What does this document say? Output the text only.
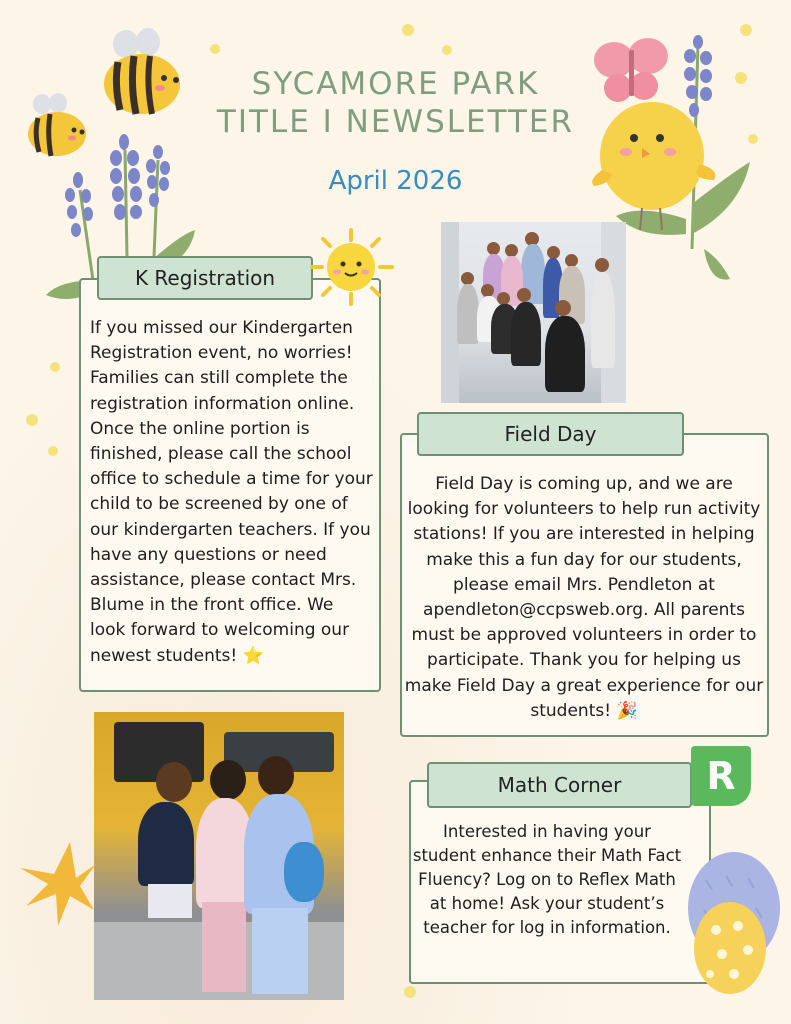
SYCAMORE PARK
TITLE I NEWSLETTER
April 2026
K Registration
If you missed our Kindergarten Registration event, no worries! Families can still complete the registration information online. Once the online portion is finished, please call the school office to schedule a time for your child to be screened by one of our kindergarten teachers. If you have any questions or need assistance, please contact Mrs. Blume in the front office. We look forward to welcoming our newest students! ⭐
Field Day
Field Day is coming up, and we are looking for volunteers to help run activity stations! If you are interested in helping make this a fun day for our students, please email Mrs. Pendleton at apendleton@ccpsweb.org. All parents must be approved volunteers in order to participate. Thank you for helping us make Field Day a great experience for our students! 🎉
Math Corner	R
Interested in having your student enhance their Math Fact Fluency? Log on to Reflex Math at home! Ask your student’s teacher for log in information.
